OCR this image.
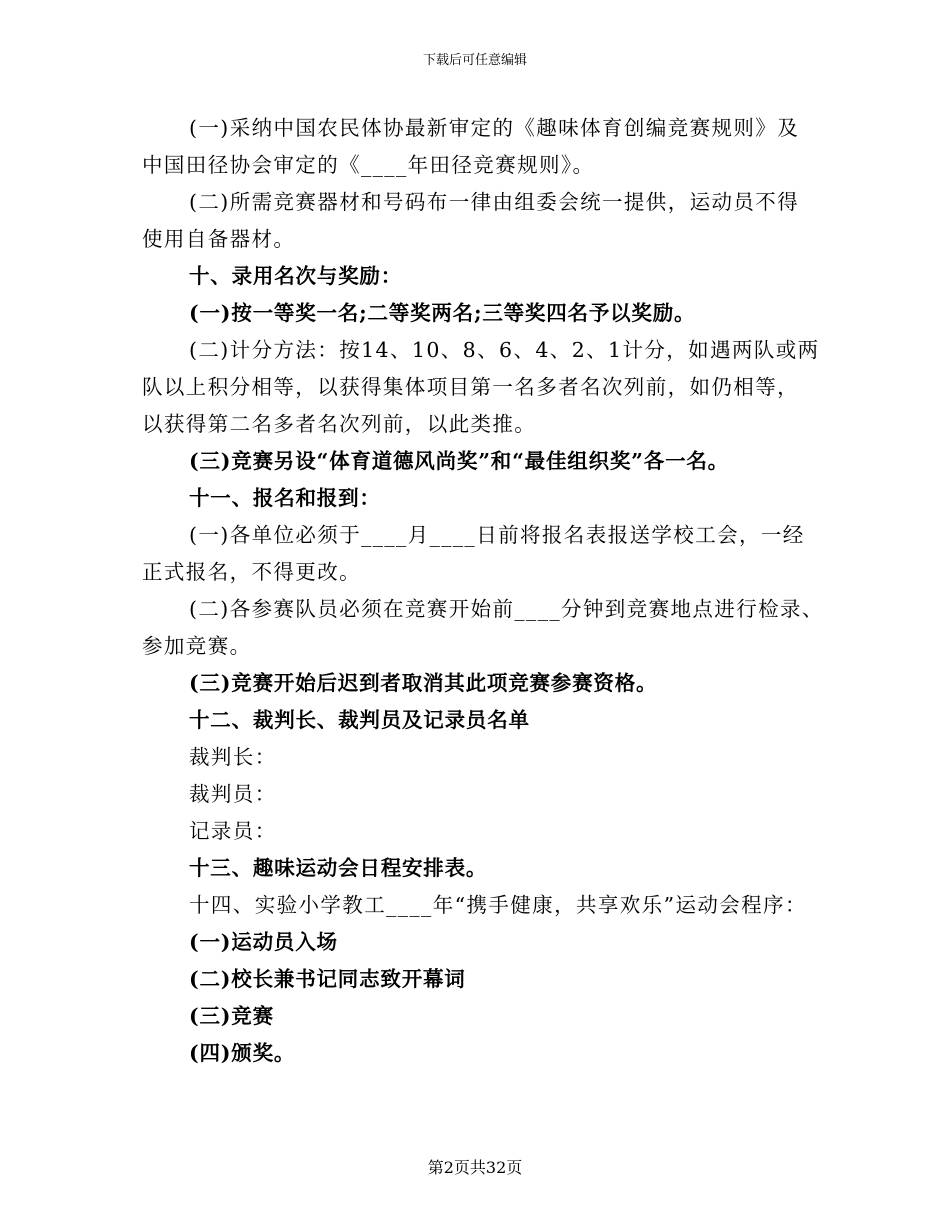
下载后可任意编辑

(一)采纳中国农民体协最新审定的《趣味体育创编竞赛规则》及

中国田径协会审定的《____年田径竞赛规则》。

(二)所需竞赛器材和号码布一律由组委会统一提供，运动员不得

使用自备器材。

十、录用名次与奖励：

(一)按一等奖一名;二等奖两名;三等奖四名予以奖励。

(二)计分方法：按14、10、8、6、4、2、1计分，如遇两队或两

队以上积分相等，以获得集体项目第一名多者名次列前，如仍相等，

以获得第二名多者名次列前，以此类推。

(三)竞赛另设“体育道德风尚奖”和“最佳组织奖”各一名。

十一、报名和报到：

(一)各单位必须于____月____日前将报名表报送学校工会，一经

正式报名，不得更改。

(二)各参赛队员必须在竞赛开始前____分钟到竞赛地点进行检录、

参加竞赛。

(三)竞赛开始后迟到者取消其此项竞赛参赛资格。

十二、裁判长、裁判员及记录员名单

裁判长：

裁判员：

记录员：

十三、趣味运动会日程安排表。

十四、实验小学教工____年“携手健康，共享欢乐”运动会程序：

(一)运动员入场

(二)校长兼书记同志致开幕词

(三)竞赛

(四)颁奖。

第2页共32页
